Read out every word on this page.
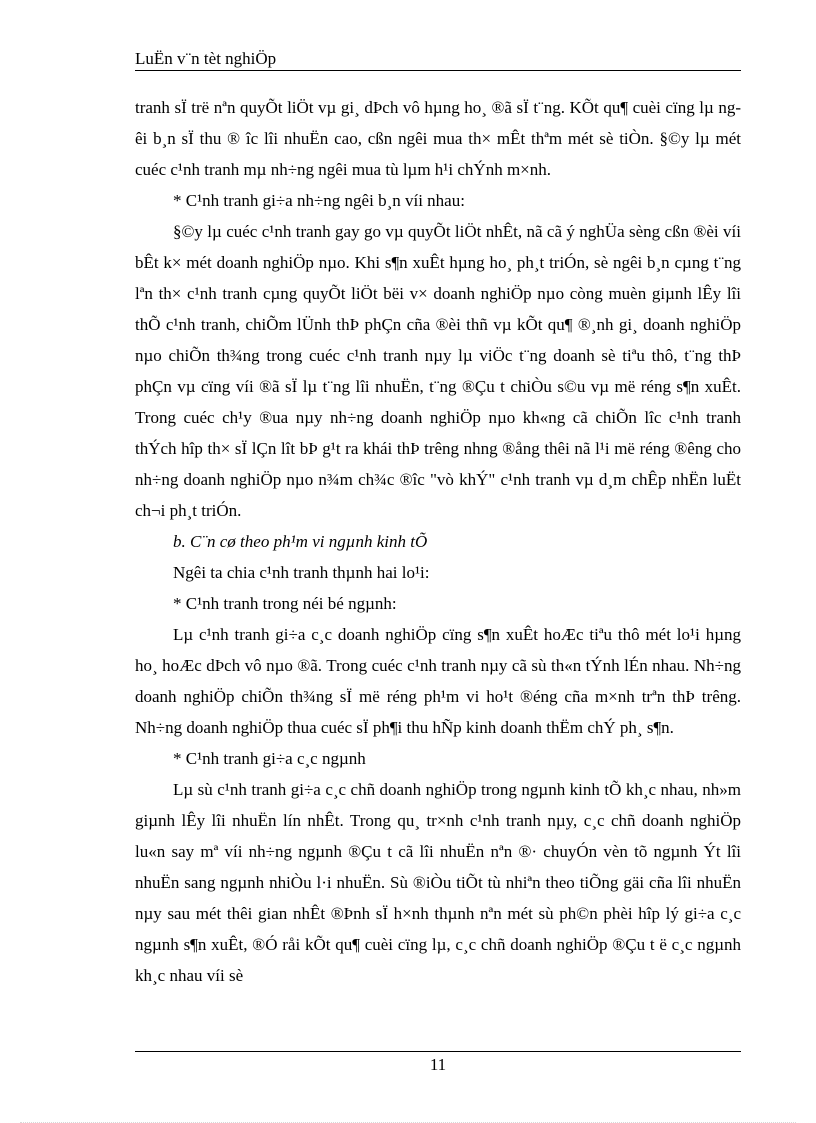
LuËn v¨n tèt nghiÖp

tranh sÏ trë nªn quyÕt liÖt vµ gi¸ dÞch vô hµng ho¸ ®ã sÏ t¨ng. KÕt qu¶ cuèi cïng lµ ngêi b¸n sÏ thu ® îc lîi nhuËn cao, cßn ngêi mua th× mÊt thªm mét sè tiÒn. §©y lµ mét cuéc c¹nh tranh mµ nh÷ng ngêi mua tù lµm h¹i chÝnh m×nh.

* C¹nh tranh gi÷a nh÷ng ngêi b¸n víi nhau:

§©y lµ cuéc c¹nh tranh gay go vµ quyÕt liÖt nhÊt, nã cã ý nghÜa sèng cßn ®èi víi bÊt k× mét doanh nghiÖp nµo. Khi s¶n xuÊt hµng ho¸ ph¸t triÓn, sè ngêi b¸n cµng t¨ng lªn th× c¹nh tranh cµng quyÕt liÖt bëi v× doanh nghiÖp nµo còng muèn giµnh lÊy lîi thÕ c¹nh tranh, chiÕm lÜnh thÞ phÇn cña ®èi thñ vµ kÕt qu¶ ®¸nh gi¸ doanh nghiÖp nµo chiÕn th¾ng trong cuéc c¹nh tranh nµy lµ viÖc t¨ng doanh sè tiªu thô, t¨ng thÞ phÇn vµ cïng víi ®ã sÏ lµ t¨ng lîi nhuËn, t¨ng ®Çu t chiÒu s©u vµ më réng s¶n xuÊt. Trong cuéc ch¹y ®ua nµy nh÷ng doanh nghiÖp nµo kh«ng cã chiÕn lîc c¹nh tranh thÝch hîp th× sÏ lÇn lît bÞ g¹t ra khái thÞ trêng nhng ®ång thêi nã l¹i më réng ®êng cho nh÷ng doanh nghiÖp nµo n¾m ch¾c ®îc "vò khÝ" c¹nh tranh vµ d¸m chÊp nhËn luËt ch¬i ph¸t triÓn.

b. C¨n cø theo ph¹m vi ngµnh kinh tÕ

Ngêi ta chia c¹nh tranh thµnh hai lo¹i:

* C¹nh tranh trong néi bé ngµnh:

Lµ c¹nh tranh gi÷a c¸c doanh nghiÖp cïng s¶n xuÊt hoÆc tiªu thô mét lo¹i hµng ho¸ hoÆc dÞch vô nµo ®ã. Trong cuéc c¹nh tranh nµy cã sù th«n tÝnh lÉn nhau. Nh÷ng doanh nghiÖp chiÕn th¾ng sÏ më réng ph¹m vi ho¹t ®éng cña m×nh trªn thÞ trêng. Nh÷ng doanh nghiÖp thua cuéc sÏ ph¶i thu hÑp kinh doanh thËm chÝ ph¸ s¶n.

* C¹nh tranh gi÷a c¸c ngµnh

Lµ sù c¹nh tranh gi÷a c¸c chñ doanh nghiÖp trong ngµnh kinh tÕ kh¸c nhau, nh»m giµnh lÊy lîi nhuËn lín nhÊt. Trong qu¸ tr×nh c¹nh tranh nµy, c¸c chñ doanh nghiÖp lu«n say mª víi nh÷ng ngµnh ®Çu t cã lîi nhuËn nªn ®· chuyÓn vèn tõ ngµnh Ýt lîi nhuËn sang ngµnh nhiÒu l·i nhuËn. Sù ®iÒu tiÕt tù nhiªn theo tiÕng gäi cña lîi nhuËn nµy sau mét thêi gian nhÊt ®Þnh sÏ h×nh thµnh nªn mét sù ph©n phèi hîp lý gi÷a c¸c ngµnh s¶n xuÊt, ®Ó råi kÕt qu¶ cuèi cïng lµ, c¸c chñ doanh nghiÖp ®Çu t ë c¸c ngµnh kh¸c nhau víi sè

11
